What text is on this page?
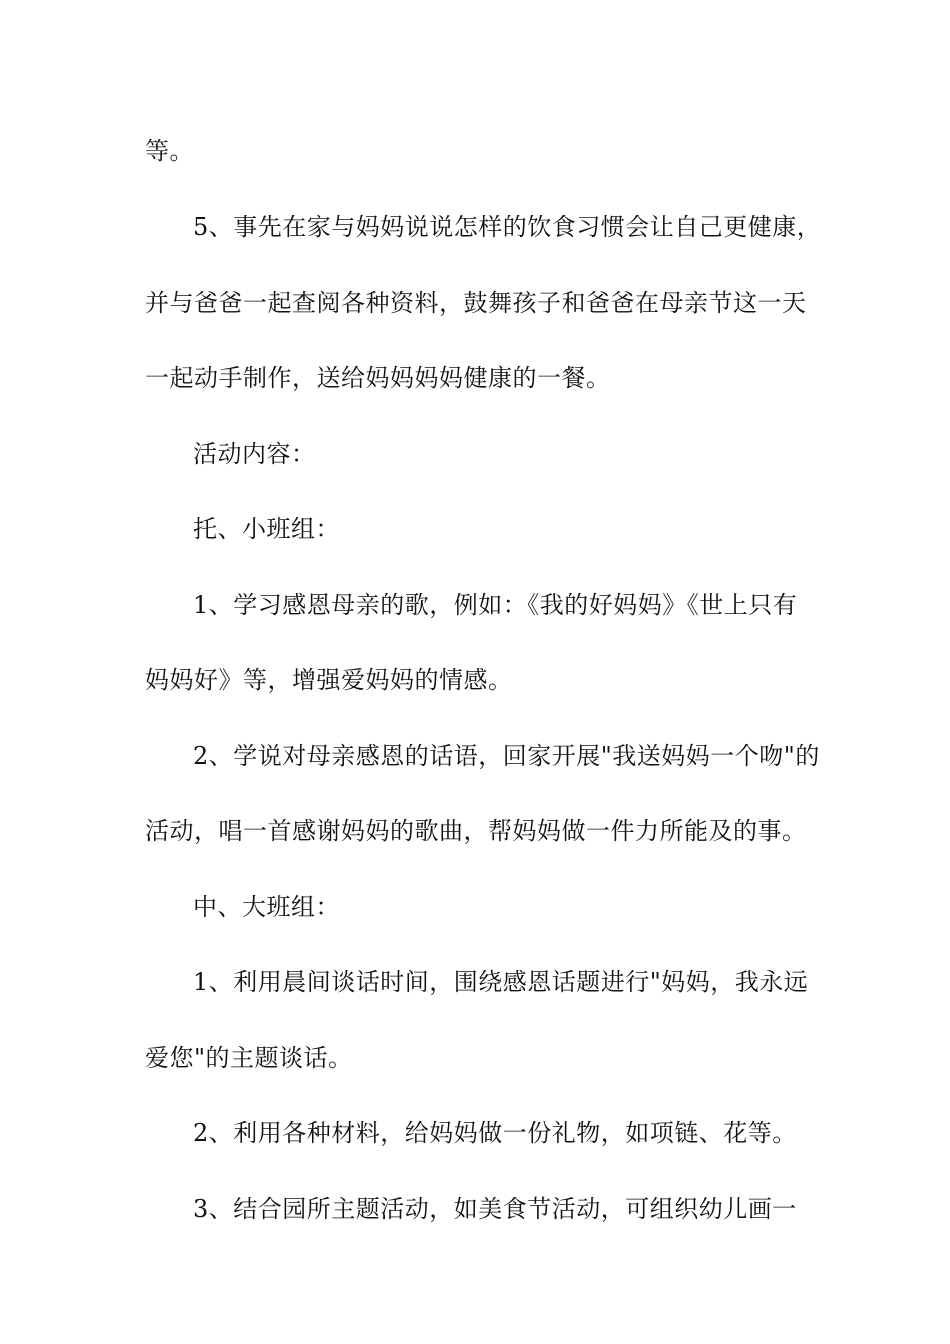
等。
5、事先在家与妈妈说说怎样的饮食习惯会让自己更健康，
并与爸爸一起查阅各种资料，鼓舞孩子和爸爸在母亲节这一天
一起动手制作，送给妈妈妈妈健康的一餐。
活动内容：
托、小班组：
1、学习感恩母亲的歌，例如：《我的好妈妈》《世上只有
妈妈好》等，增强爱妈妈的情感。
2、学说对母亲感恩的话语，回家开展"我送妈妈一个吻"的
活动，唱一首感谢妈妈的歌曲，帮妈妈做一件力所能及的事。
中、大班组：
1、利用晨间谈话时间，围绕感恩话题进行"妈妈，我永远
爱您"的主题谈话。
2、利用各种材料，给妈妈做一份礼物，如项链、花等。
3、结合园所主题活动，如美食节活动，可组织幼儿画一
